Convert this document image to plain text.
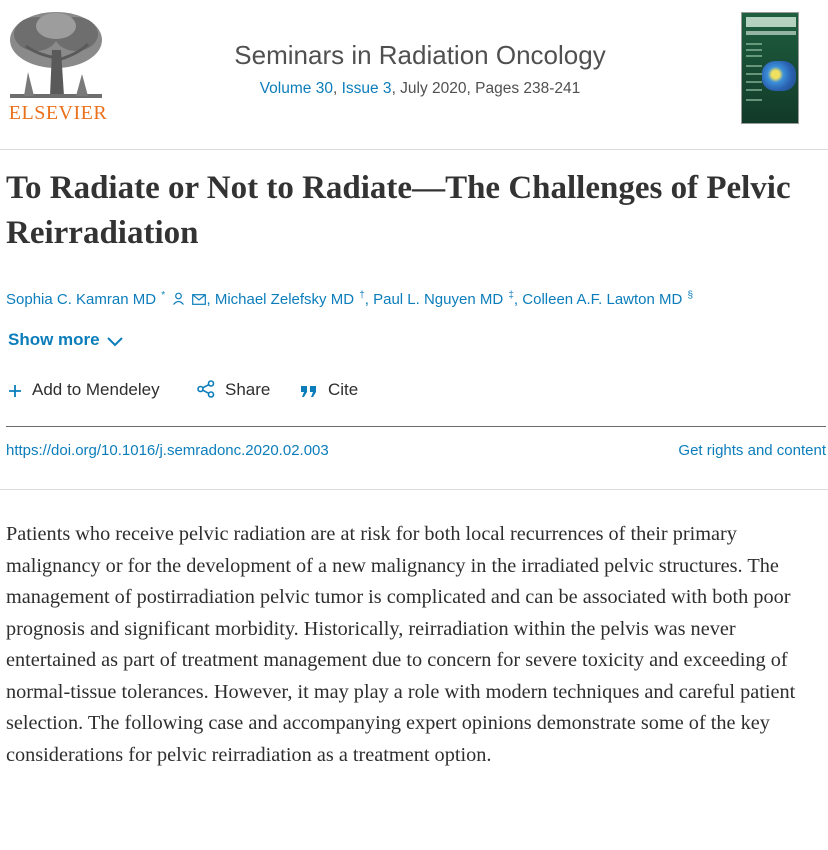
ELSEVIER
Seminars in Radiation Oncology
Volume 30, Issue 3, July 2020, Pages 238-241
To Radiate or Not to Radiate—The Challenges of Pelvic Reirradiation
Sophia C. Kamran MD *	, Michael Zelefsky MD †, Paul L. Nguyen MD ‡, Colleen A.F. Lawton MD §
Show more
Add to Mendeley	Share	Cite
https://doi.org/10.1016/j.semradonc.2020.02.003	Get rights and content

Patients who receive pelvic radiation are at risk for both local recurrences of their primary malignancy or for the development of a new malignancy in the irradiated pelvic structures. The management of postirradiation pelvic tumor is complicated and can be associated with both poor prognosis and significant morbidity. Historically, reirradiation within the pelvis was never entertained as part of treatment management due to concern for severe toxicity and exceeding of normal-tissue tolerances. However, it may play a role with modern techniques and careful patient selection. The following case and accompanying expert opinions demonstrate some of the key considerations for pelvic reirradiation as a treatment option.
